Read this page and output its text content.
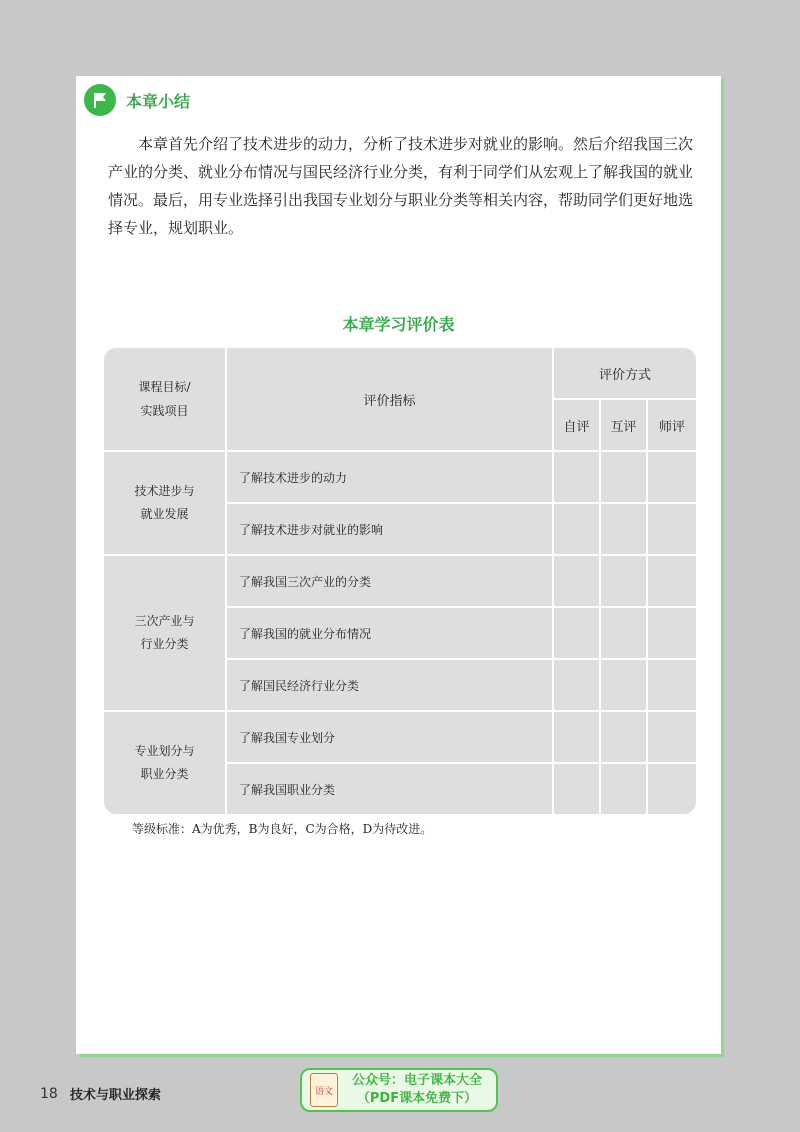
本章小结

本章首先介绍了技术进步的动力，分析了技术进步对就业的影响。然后介绍我国三次产业的分类、就业分布情况与国民经济行业分类，有利于同学们从宏观上了解我国的就业情况。最后，用专业选择引出我国专业划分与职业分类等相关内容，帮助同学们更好地选择专业，规划职业。

本章学习评价表
课程目标/
实践项目
评价指标
评价方式
自评 互评 师评
技术进步与
就业发展
了解技术进步的动力
了解技术进步对就业的影响
三次产业与
行业分类
了解我国三次产业的分类
了解我国的就业分布情况
了解国民经济行业分类
专业划分与
职业分类
了解我国专业划分
了解我国职业分类
等级标准：A为优秀，B为良好，C为合格，D为待改进。
18 技术与职业探索	语文
公众号：电子课本大全
（PDF课本免费下）
